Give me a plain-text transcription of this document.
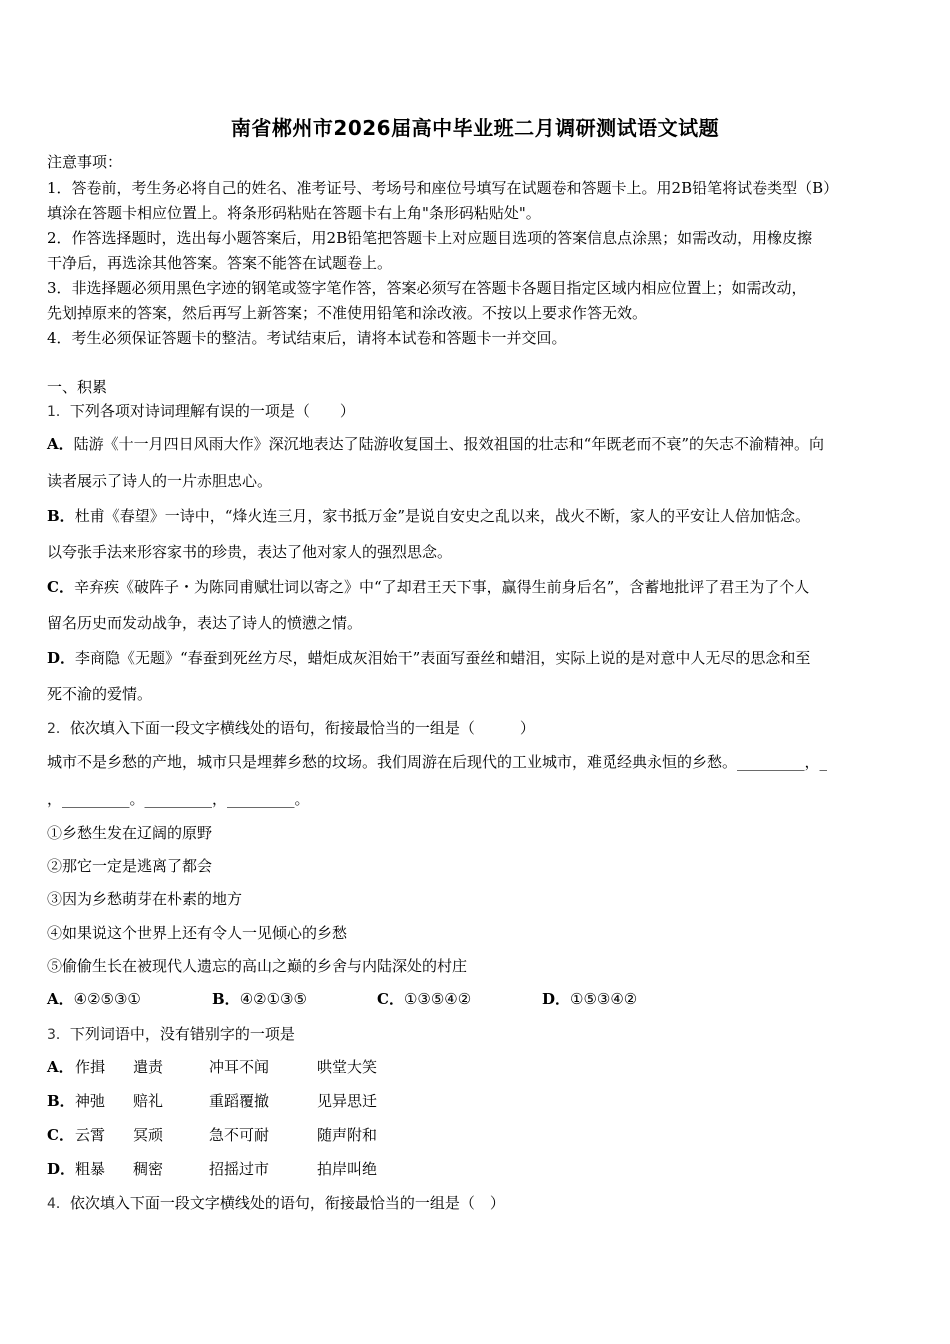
南省郴州市2026届高中毕业班二月调研测试语文试题
注意事项：
1．答卷前，考生务必将自己的姓名、准考证号、考场号和座位号填写在试题卷和答题卡上。用2B铅笔将试卷类型（B）
填涂在答题卡相应位置上。将条形码粘贴在答题卡右上角"条形码粘贴处"。
2．作答选择题时，选出每小题答案后，用2B铅笔把答题卡上对应题目选项的答案信息点涂黑；如需改动，用橡皮擦
干净后，再选涂其他答案。答案不能答在试题卷上。
3．非选择题必须用黑色字迹的钢笔或签字笔作答，答案必须写在答题卡各题目指定区域内相应位置上；如需改动，
先划掉原来的答案，然后再写上新答案；不准使用铅笔和涂改液。不按以上要求作答无效。
4．考生必须保证答题卡的整洁。考试结束后，请将本试卷和答题卡一并交回。
一、积累
1．下列各项对诗词理解有误的一项是（　　）
A．陆游《十一月四日风雨大作》深沉地表达了陆游收复国土、报效祖国的壮志和“年既老而不衰”的矢志不渝精神。向
读者展示了诗人的一片赤胆忠心。
B．杜甫《春望》一诗中，“烽火连三月，家书抵万金”是说自安史之乱以来，战火不断，家人的平安让人倍加惦念。
以夸张手法来形容家书的珍贵，表达了他对家人的强烈思念。
C．辛弃疾《破阵子・为陈同甫赋壮词以寄之》中“了却君王天下事，赢得生前身后名”，含蓄地批评了君王为了个人
留名历史而发动战争，表达了诗人的愤懑之情。
D．李商隐《无题》“春蚕到死丝方尽，蜡炬成灰泪始干”表面写蚕丝和蜡泪，实际上说的是对意中人无尽的思念和至
死不渝的爱情。
2．依次填入下面一段文字横线处的语句，衔接最恰当的一组是（　　　）
城市不是乡愁的产地，城市只是埋葬乡愁的坟场。我们周游在后现代的工业城市，难觅经典永恒的乡愁。_________，_
，_________。_________，_________。
①乡愁生发在辽阔的原野
②那它一定是逃离了都会
③因为乡愁萌芽在朴素的地方
④如果说这个世界上还有令人一见倾心的乡愁
⑤偷偷生长在被现代人遗忘的高山之巅的乡舍与内陆深处的村庄
A．④②⑤③①	B．④②①③⑤	C．①③⑤④②	D．①⑤③④②
3．下列词语中，没有错别字的一项是
A．作揖 遣责	冲耳不闻	哄堂大笑
B．神弛 赔礼	重蹈覆撤	见异思迁
C．云霄 冥顽	急不可耐	随声附和
D．粗暴 稠密	招摇过市	拍岸叫绝
4．依次填入下面一段文字横线处的语句，衔接最恰当的一组是（　）
